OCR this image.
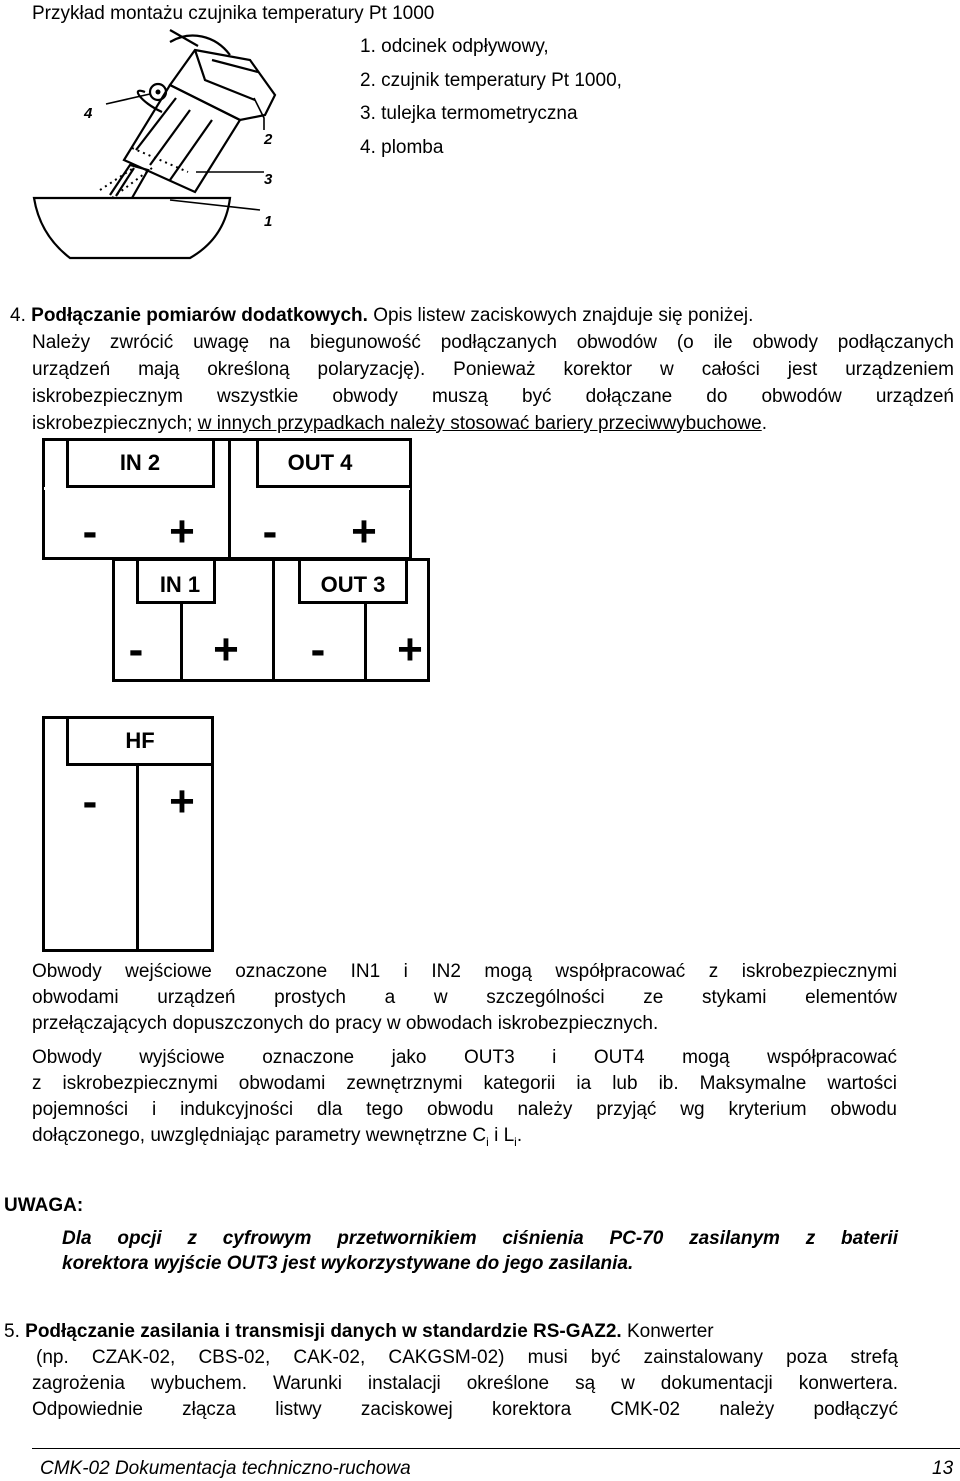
Przykład montażu czujnika temperatury Pt 1000
1. odcinek odpływowy,
2. czujnik temperatury Pt 1000,
3. tulejka termometryczna
4. plomba
4
2
3
1
4. Podłączanie pomiarów dodatkowych. Opis listew zaciskowych znajduje się poniżej.
Należy zwrócić uwagę na biegunowość podłączanych obwodów (o ile obwody podłączanych
urządzeń mają określoną polaryzację). Ponieważ korektor w całości jest urządzeniem
iskrobezpiecznym wszystkie obwody muszą być dołączane do obwodów urządzeń
iskrobezpiecznych; w innych przypadkach należy stosować bariery przeciwwybuchowe.
IN 2	OUT 4
- + - +
IN 1	OUT 3
- + - +
HF
- +
Obwody wejściowe oznaczone IN1 i IN2 mogą współpracować z iskrobezpiecznymi
obwodami urządzeń prostych a w szczególności ze stykami elementów
przełączających dopuszczonych do pracy w obwodach iskrobezpiecznych.
Obwody wyjściowe oznaczone jako OUT3 i OUT4 mogą współpracować
z iskrobezpiecznymi obwodami zewnętrznymi kategorii ia lub ib. Maksymalne wartości
pojemności i indukcyjności dla tego obwodu należy przyjąć wg kryterium obwodu
dołączonego, uwzględniając parametry wewnętrzne $C_i$ i $L_i$.
UWAGA:
Dla opcji z cyfrowym przetwornikiem ciśnienia PC-70 zasilanym z baterii
korektora wyjście OUT3 jest wykorzystywane do jego zasilania.
5. Podłączanie zasilania i transmisji danych w standardzie RS-GAZ2. Konwerter
(np. CZAK-02, CBS-02, CAK-02, CAKGSM-02) musi być zainstalowany poza strefą
zagrożenia wybuchem. Warunki instalacji określone są w dokumentacji konwertera.
Odpowiednie złącza listwy zaciskowej korektora CMK-02 należy podłączyć
CMK-02 Dokumentacja techniczno-ruchowa	13
